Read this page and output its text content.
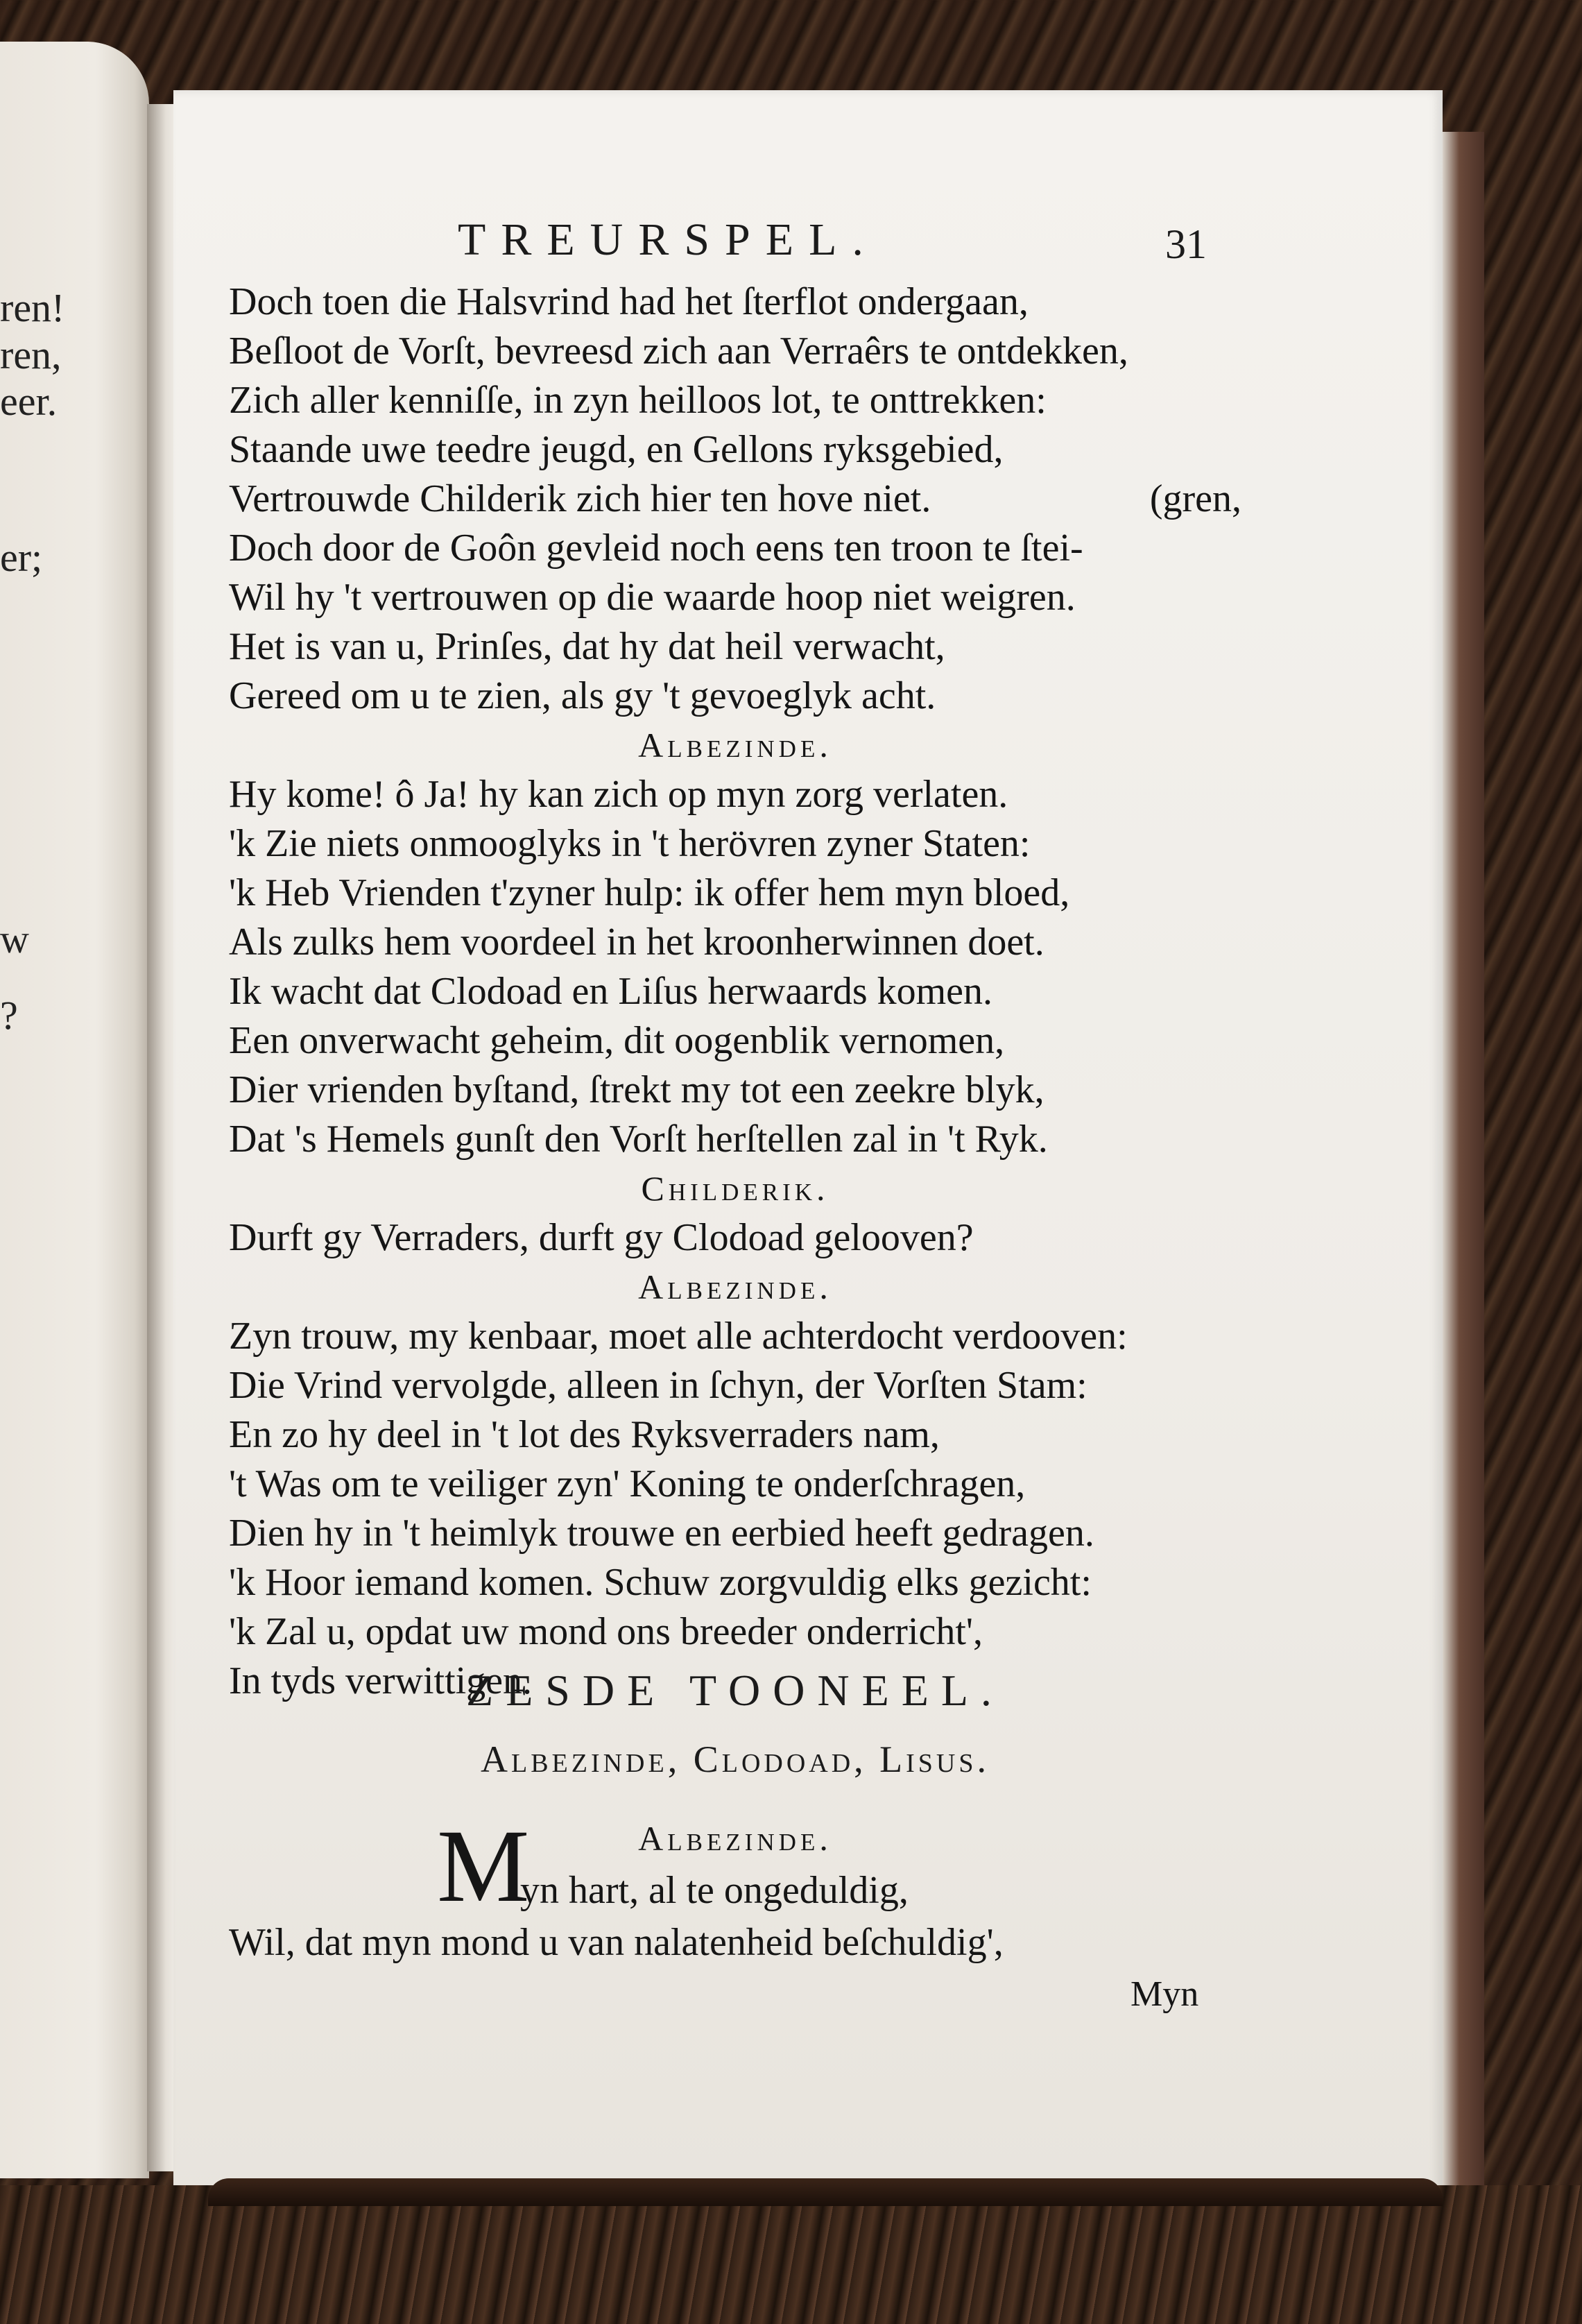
ren!
ren,
eer.
er;
w
?
TREURSPEL.	31
Doch toen die Halsvrind had het ſterflot ondergaan,
Beſloot de Vorſt, bevreesd zich aan Verraêrs te ontdekken,
Zich aller kenniſſe, in zyn heilloos lot, te onttrekken:
Staande uwe teedre jeugd, en Gellons ryksgebied,
Vertrouwde Childerik zich hier ten hove niet.	(gren,
Doch door de Goôn gevleid noch eens ten troon te ſtei-
Wil hy 't vertrouwen op die waarde hoop niet weigren.
Het is van u, Prinſes, dat hy dat heil verwacht,
Gereed om u te zien, als gy 't gevoeglyk acht.
Albezinde.
Hy kome! ô Ja! hy kan zich op myn zorg verlaten.
'k Zie niets onmooglyks in 't herövren zyner Staten:
'k Heb Vrienden t'zyner hulp: ik offer hem myn bloed,
Als zulks hem voordeel in het kroonherwinnen doet.
Ik wacht dat Clodoad en Liſus herwaards komen.
Een onverwacht geheim, dit oogenblik vernomen,
Dier vrienden byſtand, ſtrekt my tot een zeekre blyk,
Dat 's Hemels gunſt den Vorſt herſtellen zal in 't Ryk.
Childerik.
Durft gy Verraders, durft gy Clodoad gelooven?
Albezinde.
Zyn trouw, my kenbaar, moet alle achterdocht verdooven:
Die Vrind vervolgde, alleen in ſchyn, der Vorſten Stam:
En zo hy deel in 't lot des Ryksverraders nam,
't Was om te veiliger zyn' Koning te onderſchragen,
Dien hy in 't heimlyk trouwe en eerbied heeft gedragen.
'k Hoor iemand komen. Schuw zorgvuldig elks gezicht:
'k Zal u, opdat uw mond ons breeder onderricht',
In tyds verwittigen.
ZESDE TOONEEL.
Albezinde, Clodoad, Lisus.
Albezinde.
M
yn hart, al te ongeduldig,
Wil, dat myn mond u van nalatenheid beſchuldig',
Myn
